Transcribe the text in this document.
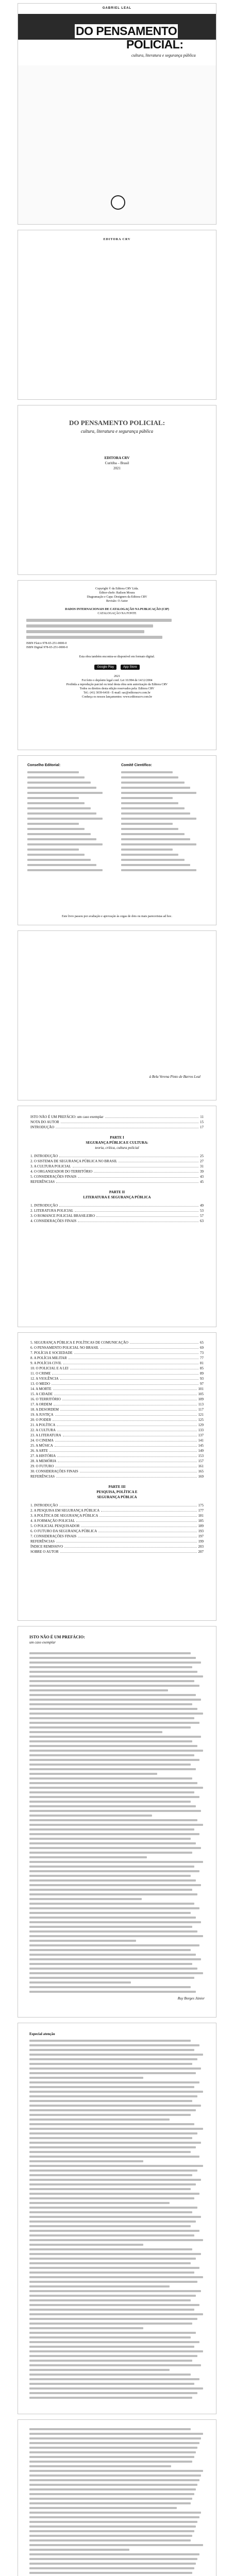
GABRIEL LEAL
DO PENSAMENTO
POLICIAL:
cultura, literatura e segurança pública
EDITORA CRV
DO PENSAMENTO POLICIAL:
cultura, literatura e segurança pública
EDITORA CRV
Curitiba – Brasil
2021
Copyright © da Editora CRV Ltda.
Editor-chefe: Railson Moura
Diagramação e Capa: Designers da Editora CRV
Revisão: O Autor
DADOS INTERNACIONAIS DE CATALOGAÇÃO NA PUBLICAÇÃO (CIP)
CATALOGAÇÃO NA FONTE
ISBN Físico 978-65-251-0000-0
ISBN Digital 978-65-251-0000-0
Esta obra também encontra-se disponível em formato digital.
Google Play	App Store
2021
Foi feito o depósito legal conf. Lei 10.994 de 14/12/2004
Proibida a reprodução parcial ou total desta obra sem autorização da Editora CRV
Todos os direitos desta edição reservados pela: Editora CRV
Tel.: (41) 3039-6418 - E-mail: sac@editoracrv.com.br
Conheça os nossos lançamentos: www.editoracrv.com.br
Conselho Editorial:	Comitê Científico:
Este livro passou por avaliação e aprovação às cegas de dois ou mais pareceristas ad hoc.
à Bela Verena Pinto de Barros Leal
ISTO NÃO É UM PREFÁCIO: um caso exemplar	11
NOTA DO AUTOR	15
INTRODUÇÃO	17
PARTE I
SEGURANÇA PÚBLICA E CULTURA:
teoria, crítica, cultura policial
1. INTRODUÇÃO	25
2. O SISTEMA DE SEGURANÇA PÚBLICA NO BRASIL	27
3. A CULTURA POLICIAL	31
4. O ORGANIZADOR DO TERRITÓRIO	39
5. CONSIDERAÇÕES FINAIS	43
REFERÊNCIAS	45
PARTE II
LITERATURA E SEGURANÇA PÚBLICA
1. INTRODUÇÃO	49
2. LITERATURA POLICIAL	53
3. O ROMANCE POLICIAL BRASILEIRO	57
4. CONSIDERAÇÕES FINAIS	63
5. SEGURANÇA PÚBLICA E POLÍTICAS DE COMUNICAÇÃO	65
6. O PENSAMENTO POLICIAL NO BRASIL	69
7. POLÍCIA E SOCIEDADE	73
8. A POLÍCIA MILITAR	77
9. A POLÍCIA CIVIL	81
10. O POLICIAL E A LEI	85
11. O CRIME	89
12. A VIOLÊNCIA	93
13. O MEDO	97
14. A MORTE	101
15. A CIDADE	105
16. O TERRITÓRIO	109
17. A ORDEM	113
18. A DESORDEM	117
19. A JUSTIÇA	121
20. O PODER	125
21. A POLÍTICA	129
22. A CULTURA	133
23. A LITERATURA	137
24. O CINEMA	141
25. A MÚSICA	145
26. A ARTE	149
27. A HISTÓRIA	153
28. A MEMÓRIA	157
29. O FUTURO	161
30. CONSIDERAÇÕES FINAIS	165
REFERÊNCIAS	169
PARTE III
PESQUISA, POLÍTICA E
SEGURANÇA PÚBLICA
1. INTRODUÇÃO	175
2. A PESQUISA EM SEGURANÇA PÚBLICA	177
3. A POLÍTICA DE SEGURANÇA PÚBLICA	181
4. A FORMAÇÃO POLICIAL	185
5. O POLICIAL PESQUISADOR	189
6. O FUTURO DA SEGURANÇA PÚBLICA	193
7. CONSIDERAÇÕES FINAIS	197
REFERÊNCIAS	199
ÍNDICE REMISSIVO	203
SOBRE O AUTOR	207
ISTO NÃO É UM PREFÁCIO:
um caso exemplar
Ruy Borges Júnior
Especial atenção
